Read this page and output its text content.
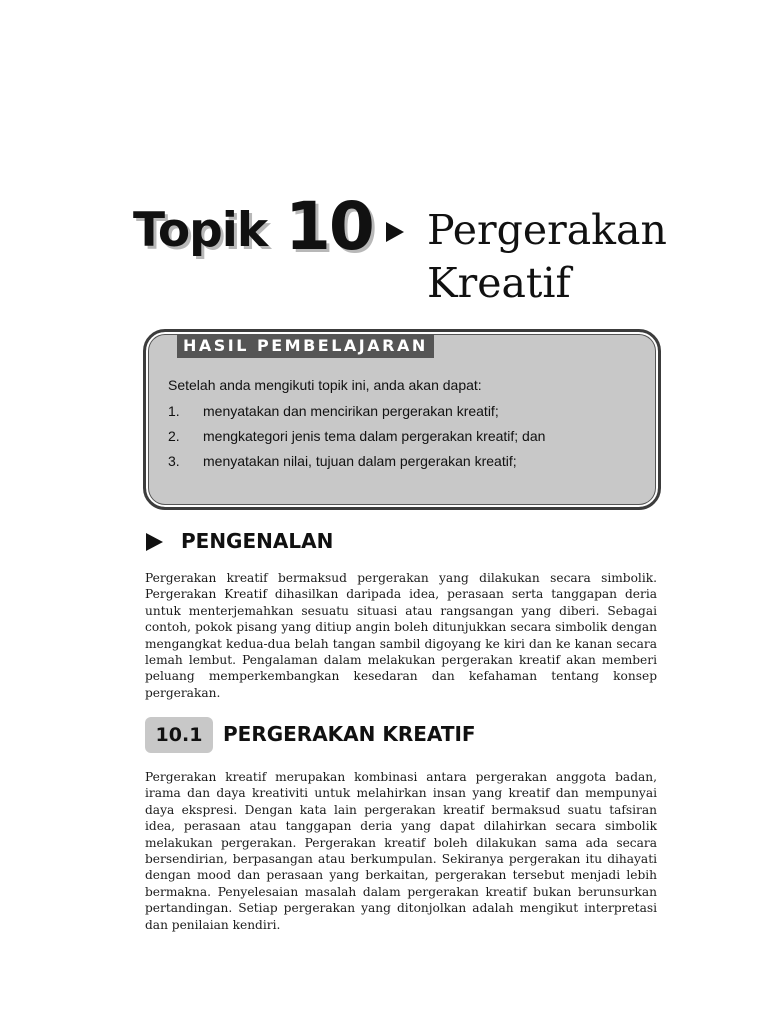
Topik 10 Pergerakan
Kreatif
HASIL PEMBELAJARAN
Setelah anda mengikuti topik ini, anda akan dapat:
1. menyatakan dan mencirikan pergerakan kreatif;
2. mengkategori jenis tema dalam pergerakan kreatif; dan
3. menyatakan nilai, tujuan dalam pergerakan kreatif;
PENGENALAN
Pergerakan kreatif bermaksud pergerakan yang dilakukan secara simbolik. Pergerakan Kreatif dihasilkan daripada idea, perasaan serta tanggapan deria untuk menterjemahkan sesuatu situasi atau rangsangan yang diberi. Sebagai contoh, pokok pisang yang ditiup angin boleh ditunjukkan secara simbolik dengan mengangkat kedua-dua belah tangan sambil digoyang ke kiri dan ke kanan secara lemah lembut. Pengalaman dalam melakukan pergerakan kreatif akan memberi peluang memperkembangkan kesedaran dan kefahaman tentang konsep pergerakan.
10.1	PERGERAKAN KREATIF
Pergerakan kreatif merupakan kombinasi antara pergerakan anggota badan, irama dan daya kreativiti untuk melahirkan insan yang kreatif dan mempunyai daya ekspresi. Dengan kata lain pergerakan kreatif bermaksud suatu tafsiran idea, perasaan atau tanggapan deria yang dapat dilahirkan secara simbolik melakukan pergerakan. Pergerakan kreatif boleh dilakukan sama ada secara bersendirian, berpasangan atau berkumpulan. Sekiranya pergerakan itu dihayati dengan mood dan perasaan yang berkaitan, pergerakan tersebut menjadi lebih bermakna. Penyelesaian masalah dalam pergerakan kreatif bukan berunsurkan pertandingan. Setiap pergerakan yang ditonjolkan adalah mengikut interpretasi dan penilaian kendiri.
